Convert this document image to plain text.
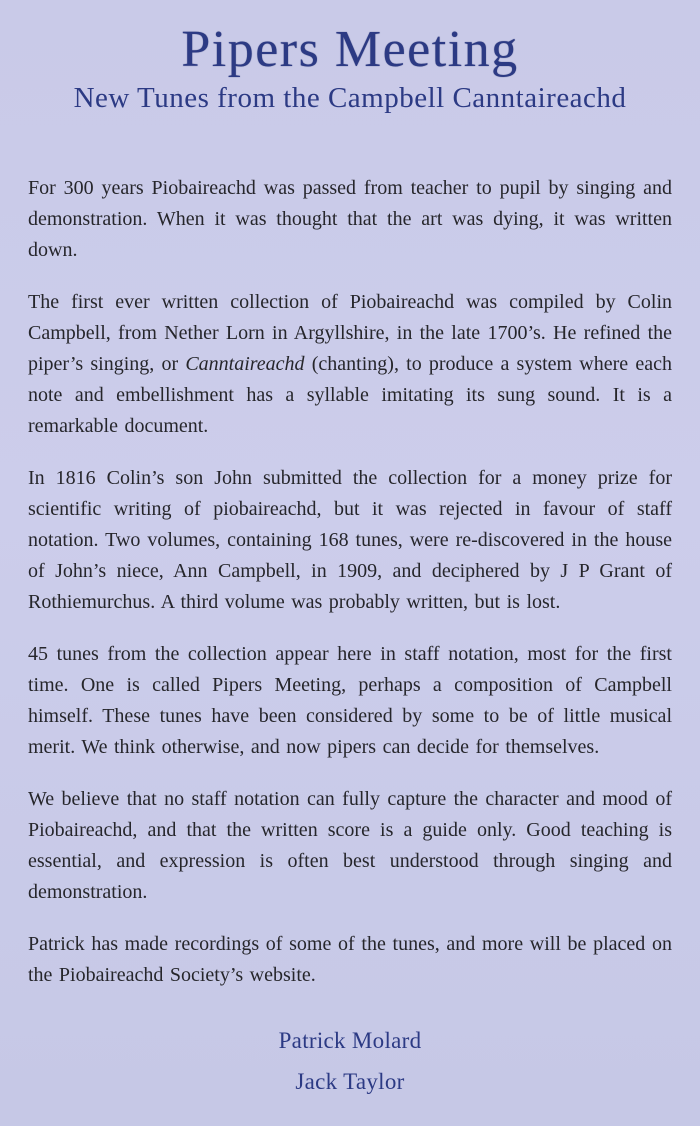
Pipers Meeting
New Tunes from the Campbell Canntaireachd

For 300 years Piobaireachd was passed from teacher to pupil by singing and demonstration. When it was thought that the art was dying, it was written down.

The first ever written collection of Piobaireachd was compiled by Colin Campbell, from Nether Lorn in Argyllshire, in the late 1700’s. He refined the piper’s singing, or Canntaireachd (chanting), to produce a system where each note and embellishment has a syllable imitating its sung sound. It is a remarkable document.

In 1816 Colin’s son John submitted the collection for a money prize for scientific writing of piobaireachd, but it was rejected in favour of staff notation. Two volumes, containing 168 tunes, were re-discovered in the house of John’s niece, Ann Campbell, in 1909, and deciphered by J P Grant of Rothiemurchus. A third volume was probably written, but is lost.

45 tunes from the collection appear here in staff notation, most for the first time. One is called Pipers Meeting, perhaps a composition of Campbell himself. These tunes have been considered by some to be of little musical merit. We think otherwise, and now pipers can decide for themselves.

We believe that no staff notation can fully capture the character and mood of Piobaireachd, and that the written score is a guide only. Good teaching is essential, and expression is often best understood through singing and demonstration.

Patrick has made recordings of some of the tunes, and more will be placed on the Piobaireachd Society’s website.

Patrick Molard
Jack Taylor
